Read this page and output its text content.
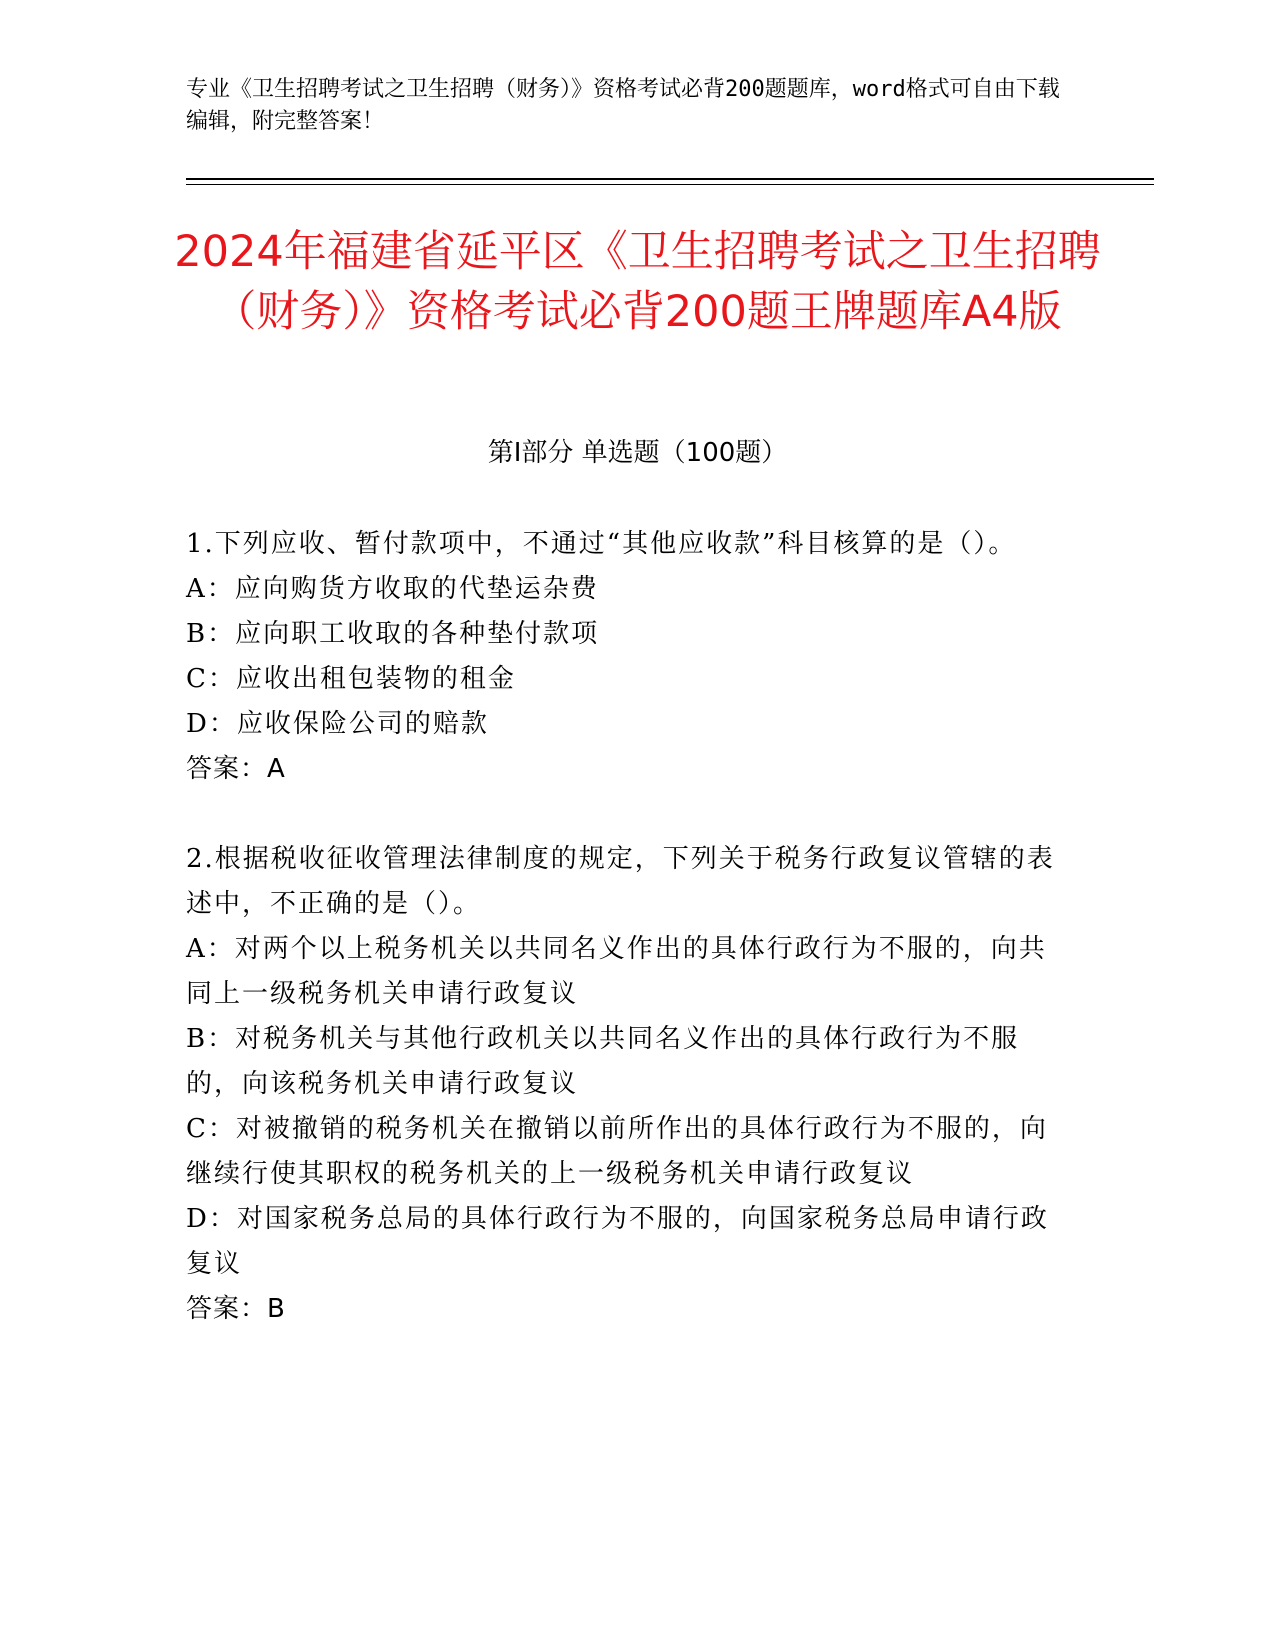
专业《卫生招聘考试之卫生招聘（财务）》资格考试必背200题题库，word格式可自由下载编辑，附完整答案！
2024年福建省延平区《卫生招聘考试之卫生招聘（财务）》资格考试必背200题王牌题库A4版
第Ⅰ部分 单选题（100题）

1.下列应收、暂付款项中，不通过“其他应收款”科目核算的是（）。

A：应向购货方收取的代垫运杂费

B：应向职工收取的各种垫付款项

C：应收出租包装物的租金

D：应收保险公司的赔款

答案：A

2.根据税收征收管理法律制度的规定，下列关于税务行政复议管辖的表述中，不正确的是（）。

A：对两个以上税务机关以共同名义作出的具体行政行为不服的，向共同上一级税务机关申请行政复议

B：对税务机关与其他行政机关以共同名义作出的具体行政行为不服的，向该税务机关申请行政复议

C：对被撤销的税务机关在撤销以前所作出的具体行政行为不服的，向继续行使其职权的税务机关的上一级税务机关申请行政复议

D：对国家税务总局的具体行政行为不服的，向国家税务总局申请行政复议

答案：B
